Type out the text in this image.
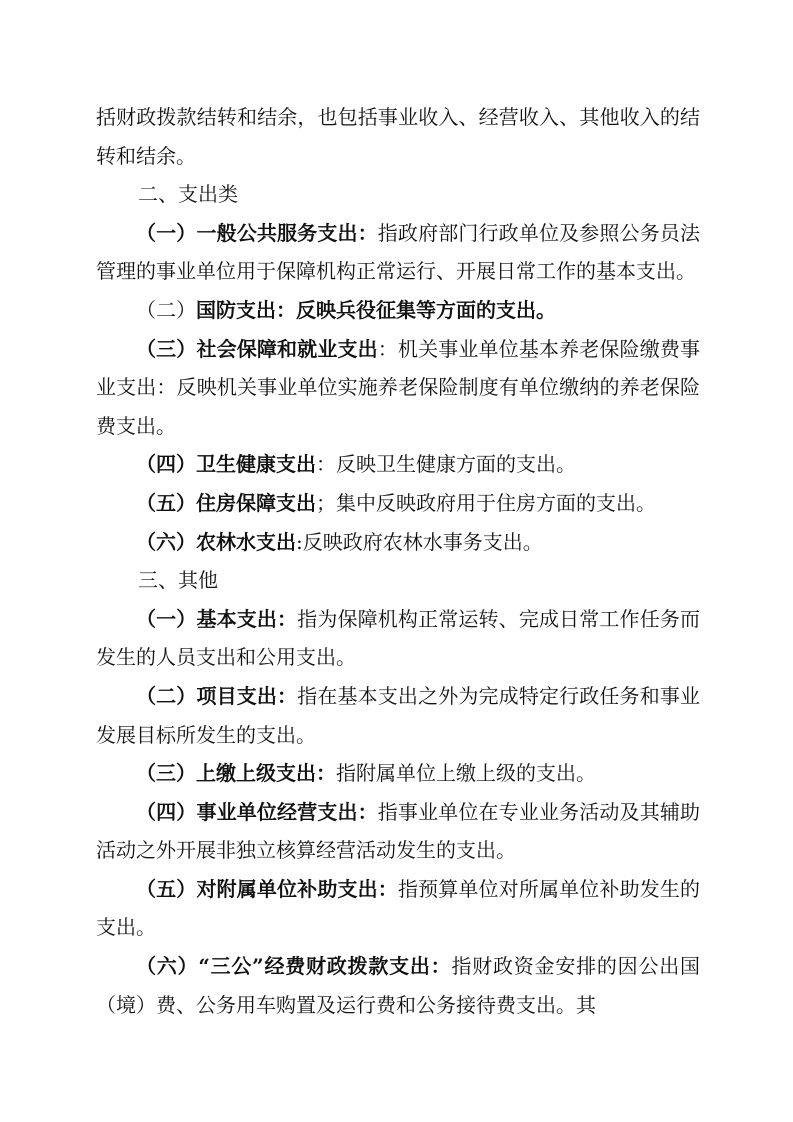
括财政拨款结转和结余，也包括事业收入、经营收入、其他收入的结转和结余。

二、支出类

（一）一般公共服务支出：指政府部门行政单位及参照公务员法管理的事业单位用于保障机构正常运行、开展日常工作的基本支出。

（二）国防支出：反映兵役征集等方面的支出。

（三）社会保障和就业支出：机关事业单位基本养老保险缴费事业支出：反映机关事业单位实施养老保险制度有单位缴纳的养老保险费支出。

（四）卫生健康支出：反映卫生健康方面的支出。

（五）住房保障支出；集中反映政府用于住房方面的支出。

（六）农林水支出:反映政府农林水事务支出。

三、其他

（一）基本支出：指为保障机构正常运转、完成日常工作任务而发生的人员支出和公用支出。

（二）项目支出：指在基本支出之外为完成特定行政任务和事业发展目标所发生的支出。

（三）上缴上级支出：指附属单位上缴上级的支出。

（四）事业单位经营支出：指事业单位在专业业务活动及其辅助活动之外开展非独立核算经营活动发生的支出。

（五）对附属单位补助支出：指预算单位对所属单位补助发生的支出。

（六）“三公”经费财政拨款支出：指财政资金安排的因公出国（境）费、公务用车购置及运行费和公务接待费支出。其
